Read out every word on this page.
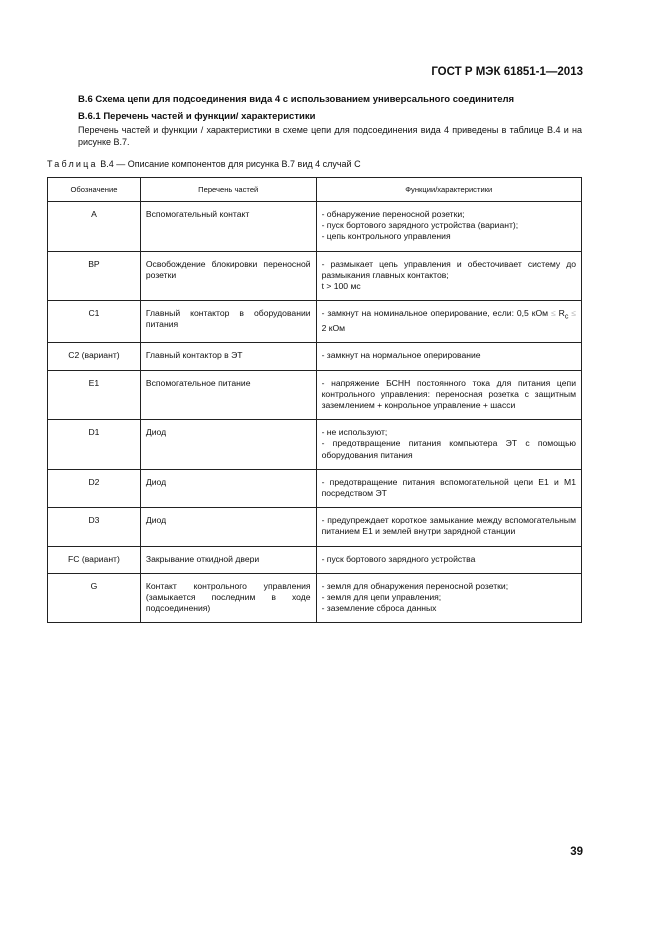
ГОСТ Р МЭК 61851-1—2013
В.6 Схема цепи для подсоединения вида 4 с использованием универсального соединителя
В.6.1 Перечень частей и функции/ характеристики
Перечень частей и функции / характеристики в схеме цепи для подсоединения вида 4 приведены в таблице В.4 и на рисунке В.7.
Таблица В.4 — Описание компонентов для рисунка В.7 вид 4 случай С
Обозначение	Перечень частей	Функции/характеристики
A	Вспомогательный контакт	- обнаружение переносной розетки;
- пуск бортового зарядного устройства (вариант);
- цепь контрольного управления

BP	Освобождение блокировки переносной розетки	- размыкает цепь управления и обесточивает систему до размыкания главных контактов;
t > 100 мс

C1	Главный контактор в оборудовании питания	- замкнут на номинальное оперирование, если: 0,5 кОм ≤ $R_c \le 2$ кОм
C2 (вариант)	Главный контактор в ЭТ	- замкнут на нормальное оперирование

E1	Вспомогательное питание	- напряжение БСНН постоянного тока для питания цепи контрольного управления: переносная розетка с защитным заземлением + конрольное управление + шасси

D1	Диод	- не используют;
- предотвращение питания компьютера ЭТ с помощью оборудования питания

D2	Диод	- предотвращение питания вспомогательной цепи E1 и M1 посредством ЭТ

D3	Диод	- предупреждает короткое замыкание между вспомогательным питанием E1 и землей внутри зарядной станции

FC (вариант)	Закрывание откидной двери	- пуск бортового зарядного устройства

G	Контакт контрольного управления (замыкается последним в ходе подсоединения)	- земля для обнаружения переносной розетки;
- земля для цепи управления;
- заземление сброса данных
39
